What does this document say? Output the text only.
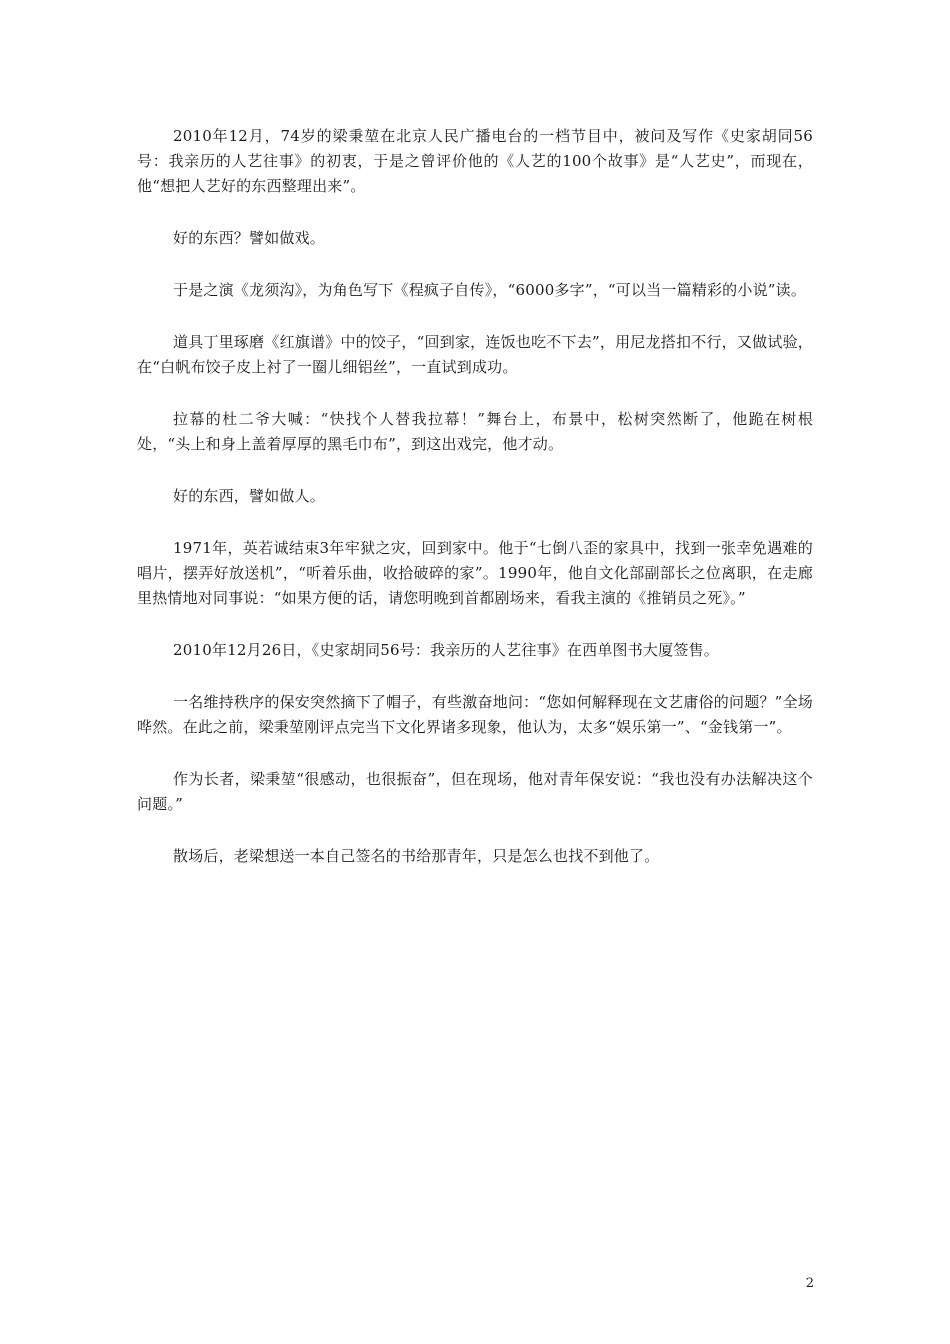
2010年12月，74岁的梁秉堃在北京人民广播电台的一档节目中，被问及写作《史家胡同56号：我亲历的人艺往事》的初衷，于是之曾评价他的《人艺的100个故事》是“人艺史”，而现在，他“想把人艺好的东西整理出来”。

好的东西？譬如做戏。

于是之演《龙须沟》，为角色写下《程疯子自传》，“6000多字”，“可以当一篇精彩的小说”读。

道具丁里琢磨《红旗谱》中的饺子，“回到家，连饭也吃不下去”，用尼龙搭扣不行，又做试验，在“白帆布饺子皮上衬了一圈儿细铝丝”，一直试到成功。

拉幕的杜二爷大喊：“快找个人替我拉幕！”舞台上，布景中，松树突然断了，他跪在树根处，“头上和身上盖着厚厚的黑毛巾布”，到这出戏完，他才动。

好的东西，譬如做人。

1971年，英若诚结束3年牢狱之灾，回到家中。他于“七倒八歪的家具中，找到一张幸免遇难的唱片，摆弄好放送机”，“听着乐曲，收拾破碎的家”。1990年，他自文化部副部长之位离职，在走廊里热情地对同事说：“如果方便的话，请您明晚到首都剧场来，看我主演的《推销员之死》。”

2010年12月26日，《史家胡同56号：我亲历的人艺往事》在西单图书大厦签售。

一名维持秩序的保安突然摘下了帽子，有些激奋地问：“您如何解释现在文艺庸俗的问题？”全场哗然。在此之前，梁秉堃刚评点完当下文化界诸多现象，他认为，太多“娱乐第一”、“金钱第一”。

作为长者，梁秉堃“很感动，也很振奋”，但在现场，他对青年保安说：“我也没有办法解决这个问题。”

散场后，老梁想送一本自己签名的书给那青年，只是怎么也找不到他了。

2
